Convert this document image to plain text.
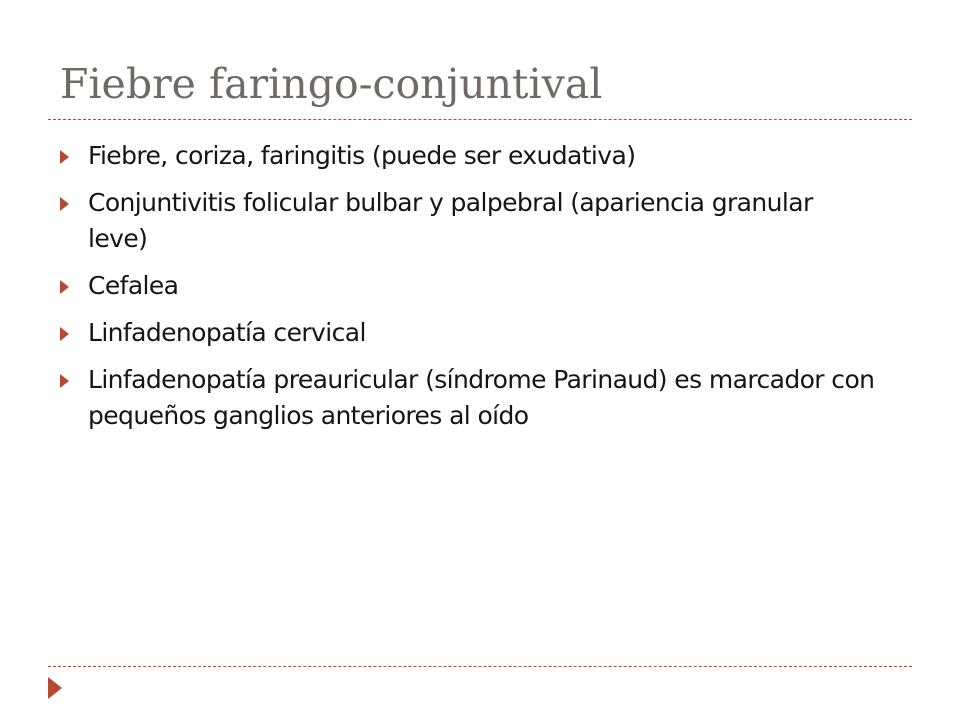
Fiebre faringo-conjuntival
Fiebre, coriza, faringitis (puede ser exudativa)
Conjuntivitis folicular bulbar y palpebral (apariencia granular leve)
Cefalea
Linfadenopatía cervical
Linfadenopatía preauricular (síndrome Parinaud) es marcador con pequeños ganglios anteriores al oído
